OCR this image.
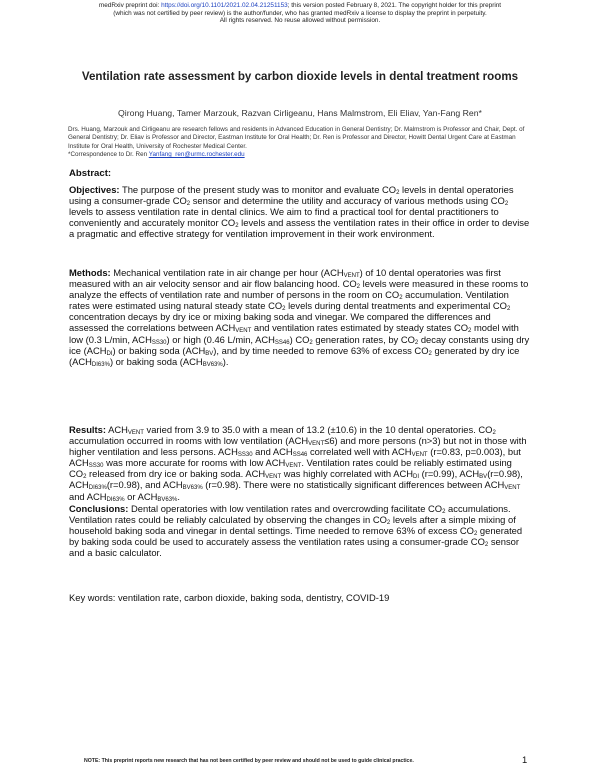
medRxiv preprint doi: https://doi.org/10.1101/2021.02.04.21251153; this version posted February 8, 2021. The copyright holder for this preprint
(which was not certified by peer review) is the author/funder, who has granted medRxiv a license to display the preprint in perpetuity.
All rights reserved. No reuse allowed without permission.
Ventilation rate assessment by carbon dioxide levels in dental treatment rooms
Qirong Huang, Tamer Marzouk, Razvan Cirligeanu, Hans Malmstrom, Eli Eliav, Yan-Fang Ren*
Drs. Huang, Marzouk and Cirligeanu are research fellows and residents in Advanced Education in General Dentistry; Dr. Malmstrom is Professor and Chair, Dept. of General Dentistry; Dr. Eliav is Professor and Director, Eastman Institute for Oral Health; Dr. Ren is Professor and Director, Howitt Dental Urgent Care at Eastman Institute for Oral Health, University of Rochester Medical Center.
*Correspondence to Dr. Ren Yanfang_ren@urmc.rochester.edu
Abstract:
Objectives: The purpose of the present study was to monitor and evaluate $CO_2$ levels in dental operatories using a consumer-grade $CO_2$ sensor and determine the utility and accuracy of various methods using $CO_2$ levels to assess ventilation rate in dental clinics. We aim to find a practical tool for dental practitioners to conveniently and accurately monitor $CO_2$ levels and assess the ventilation rates in their office in order to devise a pragmatic and effective strategy for ventilation improvement in their work environment.
Methods: Mechanical ventilation rate in air change per hour $(ACH_{VENT})$ of 10 dental operatories was first measured with an air velocity sensor and air flow balancing hood. $CO_2$ levels were measured in these rooms to analyze the effects of ventilation rate and number of persons in the room on $CO_2$ accumulation. Ventilation rates were estimated using natural steady state $CO_2$ levels during dental treatments and experimental $CO_2$ concentration decays by dry ice or mixing baking soda and vinegar. We compared the differences and assessed the correlations between $ACH_{VENT}$ and ventilation rates estimated by steady states $CO_2$ model with low (0.3 L/min, $ACH_{SS30}$) or high (0.46 L/min, $ACH_{SS46}$) $CO_2$ generation rates, by $CO_2$ decay constants using dry ice $(ACH_{DI})$ or baking soda $(ACH_{BV})$, and by time needed to remove 63% of excess $CO_2$ generated by dry ice $(ACH_{DI63\%})$ or baking soda $(ACH_{BV63\%})$.
Results: $ACH_{VENT}$ varied from 3.9 to 35.0 with a mean of 13.2 (±10.6) in the 10 dental operatories. $CO_2$ accumulation occurred in rooms with low ventilation $(ACH_{VENT}\le 6)$ and more persons (n>3) but not in those with higher ventilation and less persons. $ACH_{SS30}$ and $ACH_{SS46}$ correlated well with $ACH_{VENT}$ (r=0.83, p=0.003), but $ACH_{SS30}$ was more accurate for rooms with low $ACH_{VENT}$. Ventilation rates could be reliably estimated using $CO_2$ released from dry ice or baking soda. $ACH_{VENT}$ was highly correlated with $ACH_{DI}$ (r=0.99), $ACH_{BV}(r=0.98)$, $ACH_{DI63\%}(r=0.98)$, and $ACH_{BV63\%}$ (r=0.98). There were no statistically significant differences between $ACH_{VENT}$ and $ACH_{DI63\%}$ or $ACH_{BV63\%}$.
Conclusions: Dental operatories with low ventilation rates and overcrowding facilitate $CO_2$ accumulations. Ventilation rates could be reliably calculated by observing the changes in $CO_2$ levels after a simple mixing of household baking soda and vinegar in dental settings. Time needed to remove 63% of excess $CO_2$ generated by baking soda could be used to accurately assess the ventilation rates using a consumer-grade $CO_2$ sensor and a basic calculator.
Key words: ventilation rate, carbon dioxide, baking soda, dentistry, COVID-19
NOTE: This preprint reports new research that has not been certified by peer review and should not be used to guide clinical practice.	1
